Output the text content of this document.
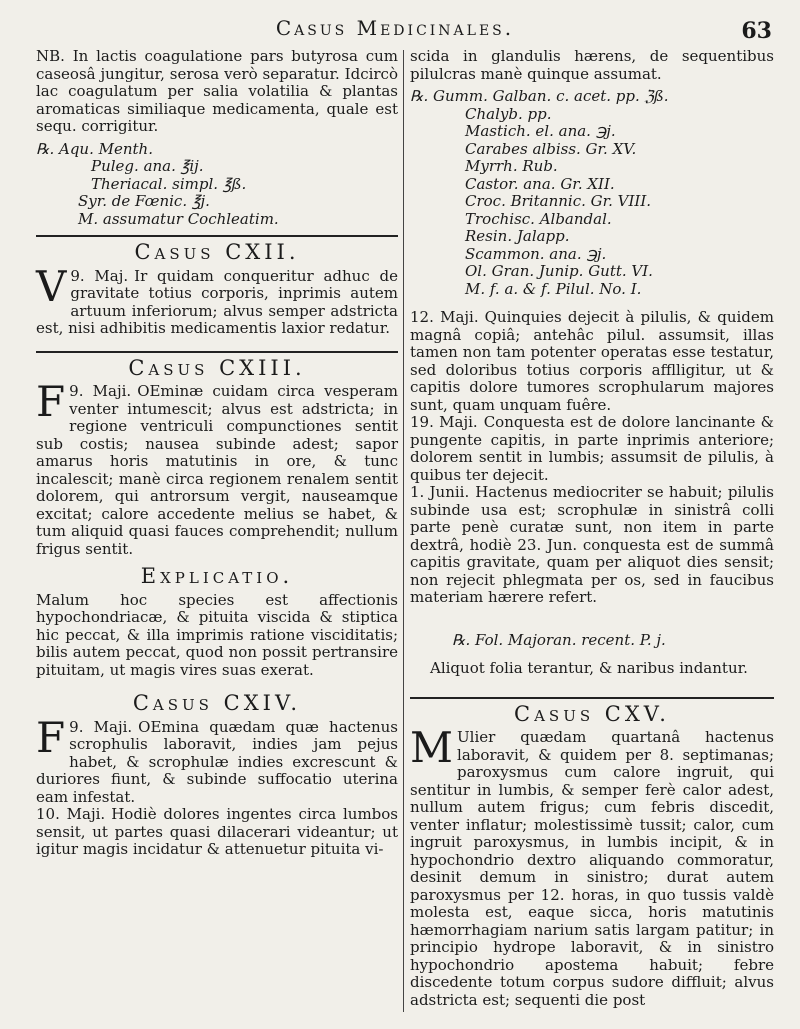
Casus Medicinales.	63

NB. In lactis coagulatione pars butyrosa cum caseosâ jungitur, serosa verò separatur. Idcircò lac coagulatum per salia volatilia & plantas aromaticas similiaque medicamenta, quale est sequ. corrigitur.

℞. Aqu. Menth.
Puleg. ana. ℥ij.
Theriacal. simpl. ℥ß.
Syr. de Fœnic. ℥j.
M. assumatur Cochleatim.
Casus CXII.

9. Maj.
V	Ir quidam conqueritur adhuc de gravitate totius corporis, inprimis autem artuum inferiorum; alvus semper adstricta est, nisi adhibitis medicamentis laxior redatur.

Casus CXIII.

9. Maji.
F	OEminæ cuidam circa vesperam venter intumescit; alvus est adstricta; in regione ventriculi compunctiones sentit sub costis; nausea subinde adest; sapor amarus horis matutinis in ore, & tunc incalescit; manè circa regionem renalem sentit dolorem, qui antrorsum vergit, nauseamque excitat; calore accedente melius se habet, & tum aliquid quasi fauces comprehendit; nullum frigus sentit.

Explicatio.

Malum hoc species est affectionis hypochondriacæ, & pituita viscida & stiptica hic peccat, & illa imprimis ratione visciditatis; bilis autem peccat, quod non possit pertransire pituitam, ut magis vires suas exerat.

Casus CXIV.

9. Maji.
F	OEmina quædam quæ hactenus scrophulis laboravit, indies jam pejus habet, & scrophulæ indies excrescunt & duriores fiunt, & subinde suffocatio uterina eam infestat.

10. Maji. Hodiè dolores ingentes circa lumbos sensit, ut partes quasi dilacerari videantur; ut igitur magis incidatur & attenuetur pituita vi-

scida in glandulis hærens, de sequentibus pilulcras manè quinque assumat.

℞. Gumm. Galban. c. acet. pp. ℨß.
Chalyb. pp.
Mastich. el. ana. ℈j.
Carabes albiss. Gr. XV.
Myrrh. Rub.
Castor. ana. Gr. XII.
Croc. Britannic. Gr. VIII.
Trochisc. Albandal.
Resin. Jalapp.
Scammon. ana. ℈j.
Ol. Gran. Junip. Gutt. VI.
M. f. a. & f. Pilul. No. I.

12. Maji. Quinquies dejecit à pilulis, & quidem magnâ copiâ; antehâc pilul. assumsit, illas tamen non tam potenter operatas esse testatur, sed doloribus totius corporis afflligitur, ut & capitis dolore tumores scrophularum majores sunt, quam unquam fuêre.

19. Maji. Conquesta est de dolore lancinante & pungente capitis, in parte inprimis anteriore; dolorem sentit in lumbis; assumsit de pilulis, à quibus ter dejecit.

1. Junii. Hactenus mediocriter se habuit; pilulis subinde usa est; scrophulæ in sinistrâ colli parte penè curatæ sunt, non item in parte dextrâ, hodiè 23. Jun. conquesta est de summâ capitis gravitate, quam per aliquot dies sensit; non rejecit phlegmata per os, sed in faucibus materiam hærere refert.

℞. Fol. Majoran. recent. P. j.

Aliquot folia terantur, & naribus indantur.

Casus CXV.

M Ulier quædam quartanâ hactenus laboravit, & quidem per 8. septimanas; paroxysmus cum calore ingruit, qui sentitur in lumbis, & semper ferè calor adest, nullum autem frigus; cum febris discedit, venter inflatur; molestissimè tussit; calor, cum ingruit paroxysmus, in lumbis incipit, & in hypochondrio dextro aliquando commoratur, desinit demum in sinistro; durat autem paroxysmus per 12. horas, in quo tussis valdè molesta est, eaque sicca, horis matutinis hæmorrhagiam narium satis largam patitur; in principio hydrope laboravit, & in sinistro hypochondrio apostema habuit; febre discedente totum corpus sudore diffluit; alvus adstricta est; sequenti die post
